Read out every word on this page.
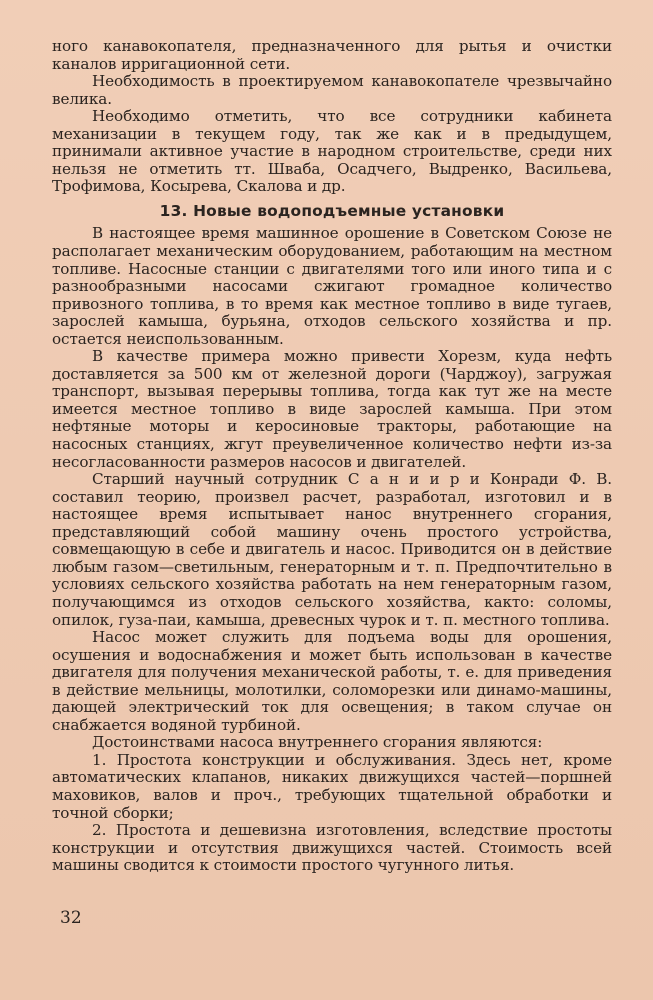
ного канавокопателя, предназначенного для рытья и очистки каналов ирригационной сети.

Необходимость в проектируемом канавокопателе чрезвычайно велика.

Необходимо отметить, что все сотрудники кабинета механизации в текущем году, так же как и в предыдущем, принимали активное участие в народном строительстве, среди них нельзя не отметить тт. Шваба, Осадчего, Выдренко, Васильева, Трофимова, Косырева, Скалова и др.

13. Новые водоподъемные установки

В настоящее время машинное орошение в Советском Союзе не располагает механическим оборудованием, работающим на местном топливе. Насосные станции с двигателями того или иного типа и с разнообразными насосами сжигают громадное количество привозного топлива, в то время как местное топливо в виде тугаев, зарослей камыша, бурьяна, отходов сельского хозяйства и пр. остается неиспользованным.

В качестве примера можно привести Хорезм, куда нефть доставляется за 500 км от железной дороги (Чарджоу), загружая транспорт, вызывая перерывы топлива, тогда как тут же на месте имеется местное топливо в виде зарослей камыша. При этом нефтяные моторы и керосиновые тракторы, работающие на насосных станциях, жгут преувеличенное количество нефти из-за несогласованности размеров насосов и двигателей.

Старший научный сотрудник С а н и и р и Конради Ф. В. составил теорию, произвел расчет, разработал, изготовил и в настоящее время испытывает нанос внутреннего сгорания, представляющий собой машину очень простого устройства, совмещающую в себе и двигатель и насос. Приводится он в действие любым газом—светильным, генераторным и т. п. Предпочтительно в условиях сельского хозяйства работать на нем генераторным газом, получающимся из отходов сельского хозяйства, както: соломы, опилок, гуза-паи, камыша, древесных чурок и т. п. местного топлива.

Насос может служить для подъема воды для орошения, осушения и водоснабжения и может быть использован в качестве двигателя для получения механической работы, т. е. для приведения в действие мельницы, молотилки, соломорезки или динамо-машины, дающей электрический ток для освещения; в таком случае он снабжается водяной турбиной.

Достоинствами насоса внутреннего сгорания являются:

1. Простота конструкции и обслуживания. Здесь нет, кроме автоматических клапанов, никаких движущихся частей—поршней маховиков, валов и проч., требующих тщательной обработки и точной сборки;

2. Простота и дешевизна изготовления, вследствие простоты конструкции и отсутствия движущихся частей. Стоимость всей машины сводится к стоимости простого чугунного литья.

32
